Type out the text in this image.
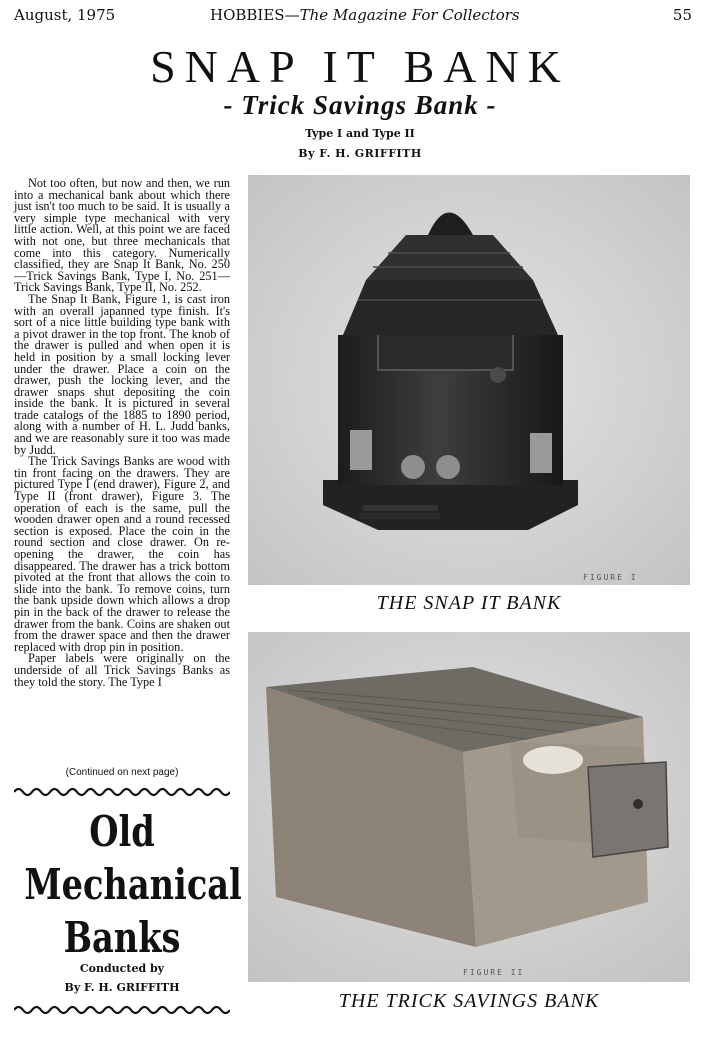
August, 1975	HOBBIES—The Magazine For Collectors	55
SNAP IT BANK
- Trick Savings Bank -
Type I and Type II
By F. H. GRIFFITH

Not too often, but now and then, we run into a mechanical bank about which there just isn't too much to be said. It is usually a very simple type mechanical with very little action. Well, at this point we are faced with not one, but three mechanicals that come into this category. Numerically classified, they are Snap It Bank, No. 250—Trick Savings Bank, Type I, No. 251—Trick Savings Bank, Type II, No. 252.

The Snap It Bank, Figure 1, is cast iron with an overall japanned type finish. It's sort of a nice little building type bank with a pivot drawer in the top front. The knob of the drawer is pulled and when open it is held in position by a small locking lever under the drawer. Place a coin on the drawer, push the locking lever, and the drawer snaps shut depositing the coin inside the bank. It is pictured in several trade catalogs of the 1885 to 1890 period, along with a number of H. L. Judd banks, and we are reasonably sure it too was made by Judd.

The Trick Savings Banks are wood with tin front facing on the drawers. They are pictured Type I (end drawer), Figure 2, and Type II (front drawer), Figure 3. The operation of each is the same, pull the wooden drawer open and a round recessed section is exposed. Place the coin in the round section and close drawer. On re-opening the drawer, the coin has disappeared. The drawer has a trick bottom pivoted at the front that allows the coin to slide into the bank. To remove coins, turn the bank upside down which allows a drop pin in the back of the drawer to release the drawer from the bank. Coins are shaken out from the drawer space and then the drawer replaced with drop pin in position.

Paper labels were originally on the underside of all Trick Savings Banks as they told the story. The Type I

(Continued on next page)
Old
Mechanical
Banks
Conducted by
By F. H. GRIFFITH
FIGURE I
THE SNAP IT BANK
FIGURE II
THE TRICK SAVINGS BANK
